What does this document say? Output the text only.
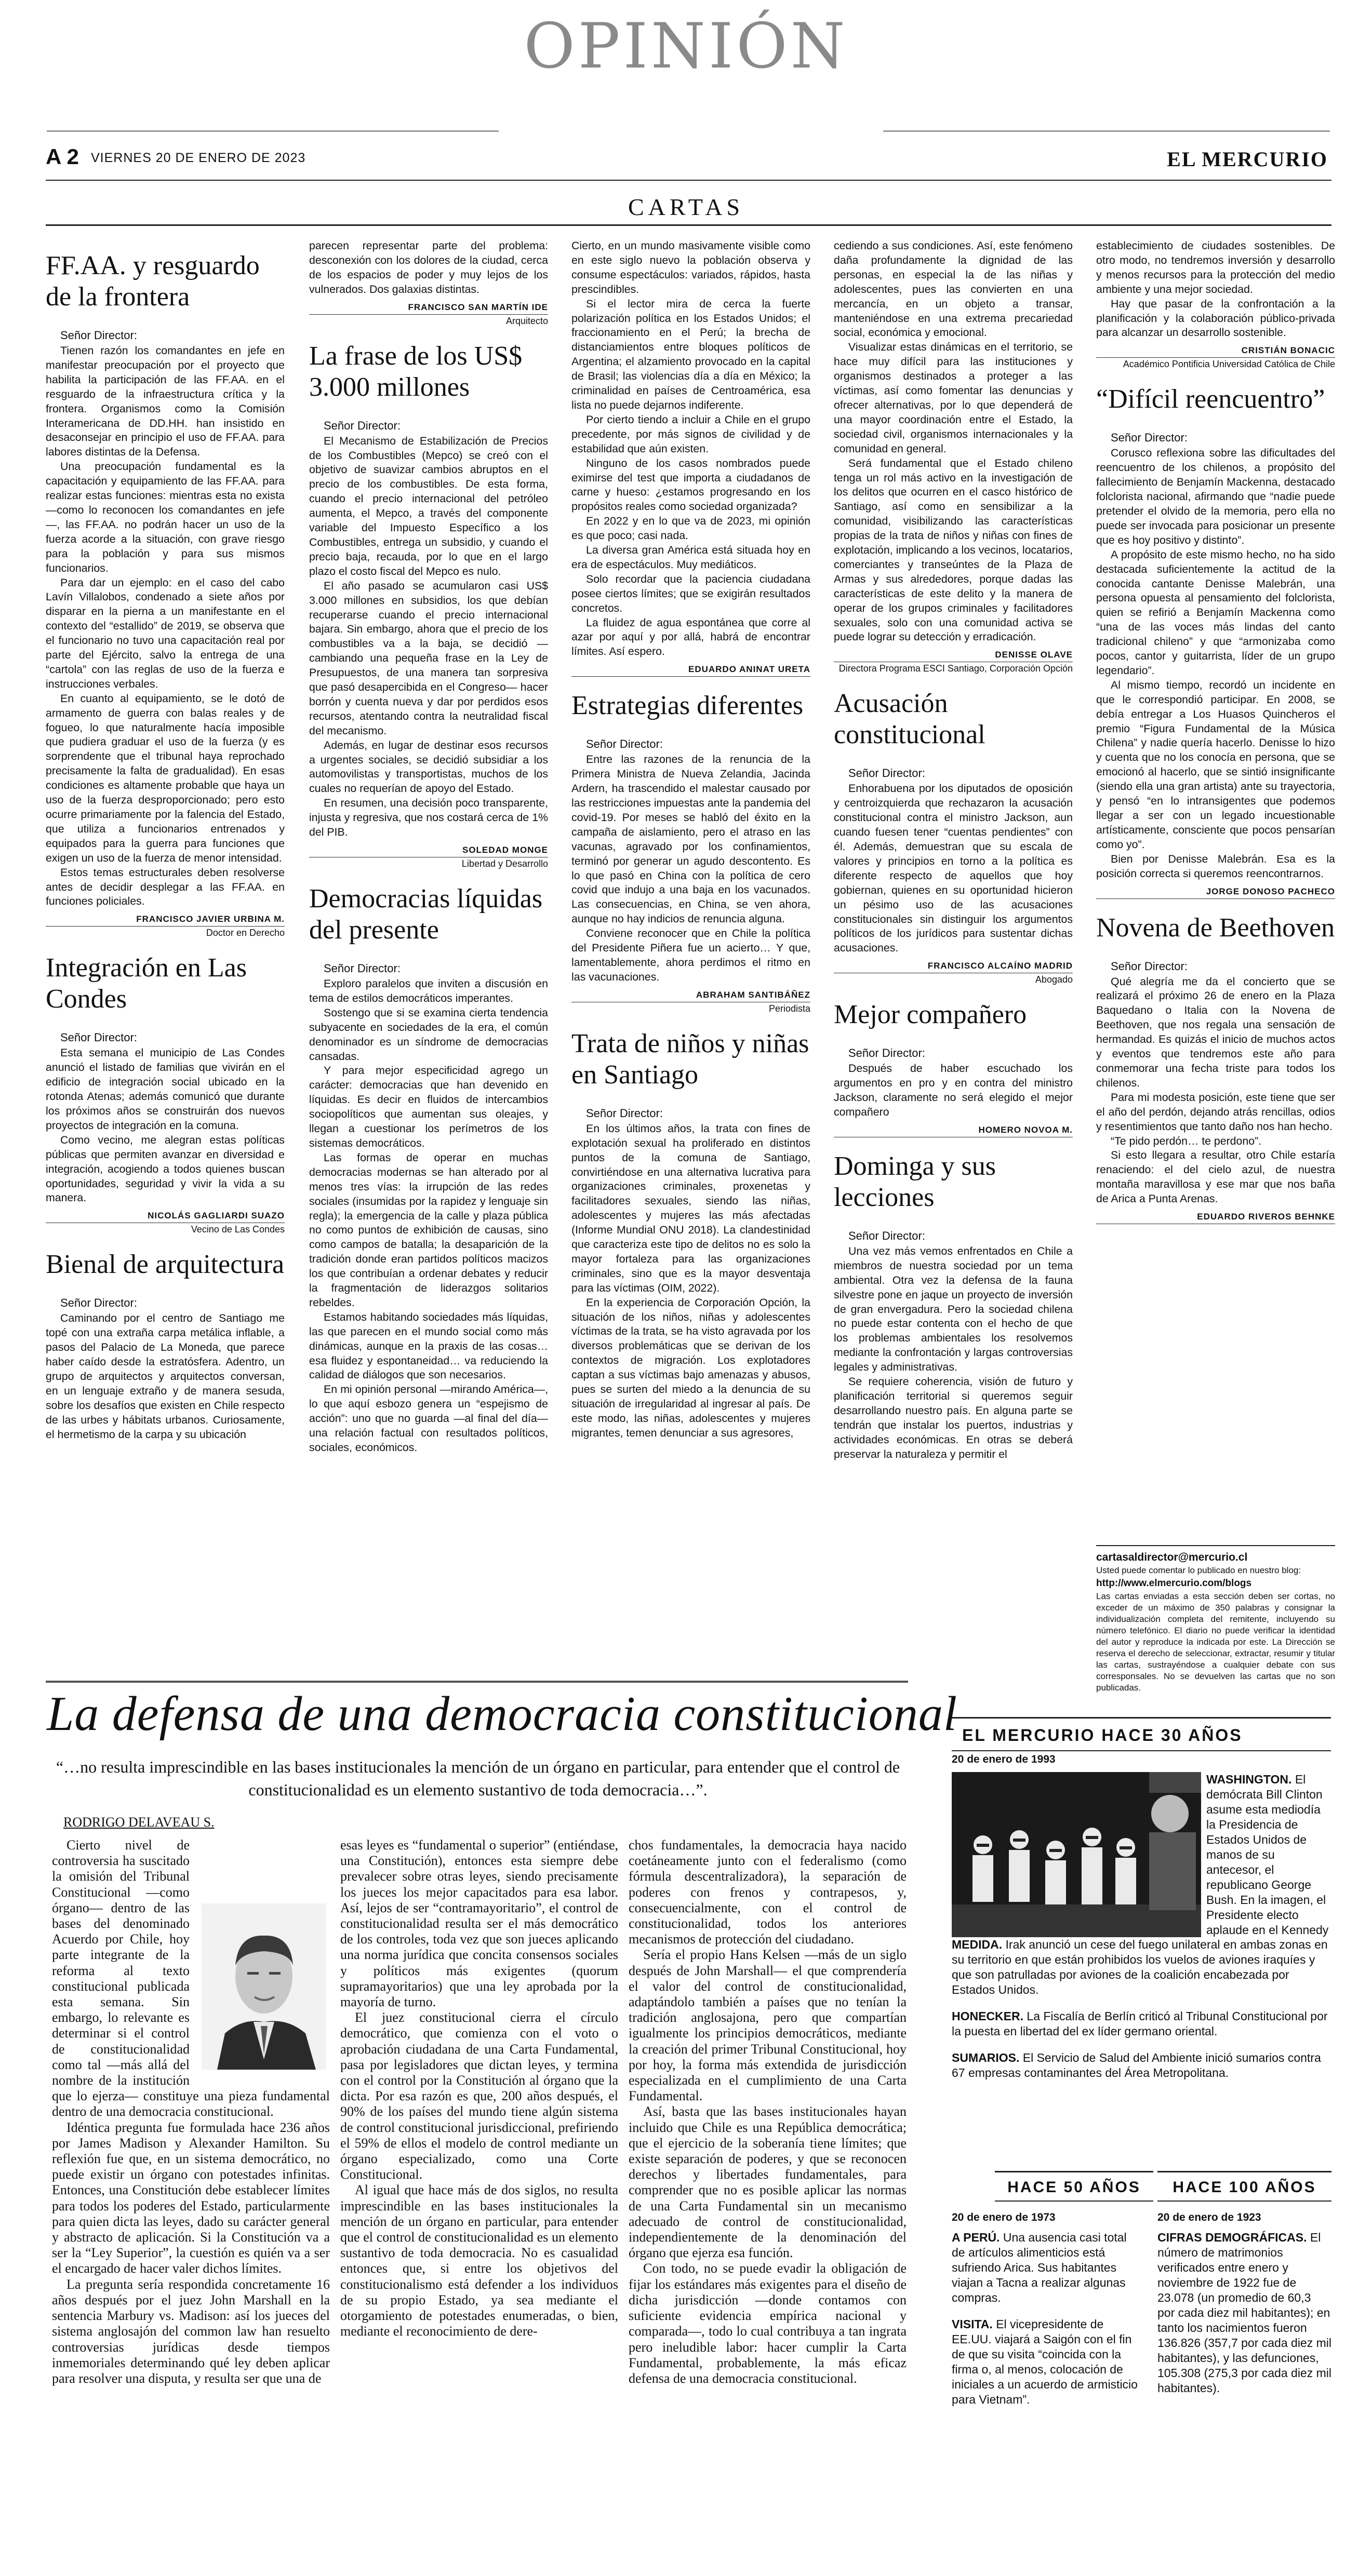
OPINIÓN
A 2 VIERNES 20 DE ENERO DE 2023	EL MERCURIO
CARTAS
FF.AA. y resguardo de la frontera
Señor Director:

Tienen razón los comandantes en jefe en manifestar preocupación por el proyecto que habilita la participación de las FF.AA. en el resguardo de la infraestructura crítica y la frontera. Organismos como la Comisión Interamericana de DD.HH. han insistido en desaconsejar en principio el uso de FF.AA. para labores distintas de la Defensa.

Una preocupación fundamental es la capacitación y equipamiento de las FF.AA. para realizar estas funciones: mientras esta no exista —como lo reconocen los comandantes en jefe—, las FF.AA. no podrán hacer un uso de la fuerza acorde a la situación, con grave riesgo para la población y para sus mismos funcionarios.

Para dar un ejemplo: en el caso del cabo Lavín Villalobos, condenado a siete años por disparar en la pierna a un manifestante en el contexto del “estallido” de 2019, se observa que el funcionario no tuvo una capacitación real por parte del Ejército, salvo la entrega de una “cartola” con las reglas de uso de la fuerza e instrucciones verbales.

En cuanto al equipamiento, se le dotó de armamento de guerra con balas reales y de fogueo, lo que naturalmente hacía imposible que pudiera graduar el uso de la fuerza (y es sorprendente que el tribunal haya reprochado precisamente la falta de gradualidad). En esas condiciones es altamente probable que haya un uso de la fuerza desproporcionado; pero esto ocurre primariamente por la falencia del Estado, que utiliza a funcionarios entrenados y equipados para la guerra para funciones que exigen un uso de la fuerza de menor intensidad.

Estos temas estructurales deben resolverse antes de decidir desplegar a las FF.AA. en funciones policiales.

FRANCISCO JAVIER URBINA M.
Doctor en Derecho
Integración en Las Condes
Señor Director:

Esta semana el municipio de Las Condes anunció el listado de familias que vivirán en el edificio de integración social ubicado en la rotonda Atenas; además comunicó que durante los próximos años se construirán dos nuevos proyectos de integración en la comuna.

Como vecino, me alegran estas políticas públicas que permiten avanzar en diversidad e integración, acogiendo a todos quienes buscan oportunidades, seguridad y vivir la vida a su manera.

NICOLÁS GAGLIARDI SUAZO
Vecino de Las Condes
Bienal de arquitectura
Señor Director:

Caminando por el centro de Santiago me topé con una extraña carpa metálica inflable, a pasos del Palacio de La Moneda, que parece haber caído desde la estratósfera. Adentro, un grupo de arquitectos y arquitectos conversan, en un lenguaje extraño y de manera sesuda, sobre los desafíos que existen en Chile respecto de las urbes y hábitats urbanos. Curiosamente, el hermetismo de la carpa y su ubicación

parecen representar parte del problema: desconexión con los dolores de la ciudad, cerca de los espacios de poder y muy lejos de los vulnerados. Dos galaxias distintas.

FRANCISCO SAN MARTÍN IDE
Arquitecto
La frase de los US$ 3.000 millones
Señor Director:

El Mecanismo de Estabilización de Precios de los Combustibles (Mepco) se creó con el objetivo de suavizar cambios abruptos en el precio de los combustibles. De esta forma, cuando el precio internacional del petróleo aumenta, el Mepco, a través del componente variable del Impuesto Específico a los Combustibles, entrega un subsidio, y cuando el precio baja, recauda, por lo que en el largo plazo el costo fiscal del Mepco es nulo.

El año pasado se acumularon casi US$ 3.000 millones en subsidios, los que debían recuperarse cuando el precio internacional bajara. Sin embargo, ahora que el precio de los combustibles va a la baja, se decidió —cambiando una pequeña frase en la Ley de Presupuestos, de una manera tan sorpresiva que pasó desapercibida en el Congreso— hacer borrón y cuenta nueva y dar por perdidos esos recursos, atentando contra la neutralidad fiscal del mecanismo.

Además, en lugar de destinar esos recursos a urgentes sociales, se decidió subsidiar a los automovilistas y transportistas, muchos de los cuales no requerían de apoyo del Estado.

En resumen, una decisión poco transparente, injusta y regresiva, que nos costará cerca de 1% del PIB.

SOLEDAD MONGE
Libertad y Desarrollo
Democracias líquidas del presente
Señor Director:

Exploro paralelos que inviten a discusión en tema de estilos democráticos imperantes.

Sostengo que si se examina cierta tendencia subyacente en sociedades de la era, el común denominador es un síndrome de democracias cansadas.

Y para mejor especificidad agrego un carácter: democracias que han devenido en líquidas. Es decir en fluidos de intercambios sociopolíticos que aumentan sus oleajes, y llegan a cuestionar los perímetros de los sistemas democráticos.

Las formas de operar en muchas democracias modernas se han alterado por al menos tres vías: la irrupción de las redes sociales (insumidas por la rapidez y lenguaje sin regla); la emergencia de la calle y plaza pública no como puntos de exhibición de causas, sino como campos de batalla; la desaparición de la tradición donde eran partidos políticos macizos los que contribuían a ordenar debates y reducir la fragmentación de liderazgos solitarios rebeldes.

Estamos habitando sociedades más líquidas, las que parecen en el mundo social como más dinámicas, aunque en la praxis de las cosas… esa fluidez y espontaneidad… va reduciendo la calidad de diálogos que son necesarios.

En mi opinión personal —mirando América—, lo que aquí esbozo genera un “espejismo de acción”: uno que no guarda —al final del día— una relación factual con resultados políticos, sociales, económicos.

Cierto, en un mundo masivamente visible como en este siglo nuevo la población observa y consume espectáculos: variados, rápidos, hasta prescindibles.

Si el lector mira de cerca la fuerte polarización política en los Estados Unidos; el fraccionamiento en el Perú; la brecha de distanciamientos entre bloques políticos de Argentina; el alzamiento provocado en la capital de Brasil; las violencias día a día en México; la criminalidad en países de Centroamérica, esa lista no puede dejarnos indiferente.

Por cierto tiendo a incluir a Chile en el grupo precedente, por más signos de civilidad y de estabilidad que aún existen.

Ninguno de los casos nombrados puede eximirse del test que importa a ciudadanos de carne y hueso: ¿estamos progresando en los propósitos reales como sociedad organizada?

En 2022 y en lo que va de 2023, mi opinión es que poco; casi nada.

La diversa gran América está situada hoy en era de espectáculos. Muy mediáticos.

Solo recordar que la paciencia ciudadana posee ciertos límites; que se exigirán resultados concretos.

La fluidez de agua espontánea que corre al azar por aquí y por allá, habrá de encontrar límites. Así espero.

EDUARDO ANINAT URETA
Estrategias diferentes
Señor Director:

Entre las razones de la renuncia de la Primera Ministra de Nueva Zelandia, Jacinda Ardern, ha trascendido el malestar causado por las restricciones impuestas ante la pandemia del covid-19. Por meses se habló del éxito en la campaña de aislamiento, pero el atraso en las vacunas, agravado por los confinamientos, terminó por generar un agudo descontento. Es lo que pasó en China con la política de cero covid que indujo a una baja en los vacunados. Las consecuencias, en China, se ven ahora, aunque no hay indicios de renuncia alguna.

Conviene reconocer que en Chile la política del Presidente Piñera fue un acierto… Y que, lamentablemente, ahora perdimos el ritmo en las vacunaciones.

ABRAHAM SANTIBÁÑEZ
Periodista
Trata de niños y niñas en Santiago
Señor Director:

En los últimos años, la trata con fines de explotación sexual ha proliferado en distintos puntos de la comuna de Santiago, convirtiéndose en una alternativa lucrativa para organizaciones criminales, proxenetas y facilitadores sexuales, siendo las niñas, adolescentes y mujeres las más afectadas (Informe Mundial ONU 2018). La clandestinidad que caracteriza este tipo de delitos no es solo la mayor fortaleza para las organizaciones criminales, sino que es la mayor desventaja para las víctimas (OIM, 2022).

En la experiencia de Corporación Opción, la situación de los niños, niñas y adolescentes víctimas de la trata, se ha visto agravada por los diversos problemáticas que se derivan de los contextos de migración. Los explotadores captan a sus víctimas bajo amenazas y abusos, pues se surten del miedo a la denuncia de su situación de irregularidad al ingresar al país. De este modo, las niñas, adolescentes y mujeres migrantes, temen denunciar a sus agresores,

cediendo a sus condiciones. Así, este fenómeno daña profundamente la dignidad de las personas, en especial la de las niñas y adolescentes, pues las convierten en una mercancía, en un objeto a transar, manteniéndose en una extrema precariedad social, económica y emocional.

Visualizar estas dinámicas en el territorio, se hace muy difícil para las instituciones y organismos destinados a proteger a las víctimas, así como fomentar las denuncias y ofrecer alternativas, por lo que dependerá de una mayor coordinación entre el Estado, la sociedad civil, organismos internacionales y la comunidad en general.

Será fundamental que el Estado chileno tenga un rol más activo en la investigación de los delitos que ocurren en el casco histórico de Santiago, así como en sensibilizar a la comunidad, visibilizando las características propias de la trata de niños y niñas con fines de explotación, implicando a los vecinos, locatarios, comerciantes y transeúntes de la Plaza de Armas y sus alrededores, porque dadas las características de este delito y la manera de operar de los grupos criminales y facilitadores sexuales, solo con una comunidad activa se puede lograr su detección y erradicación.

DENISSE OLAVE
Directora Programa ESCI Santiago, Corporación Opción
Acusación constitucional
Señor Director:

Enhorabuena por los diputados de oposición y centroizquierda que rechazaron la acusación constitucional contra el ministro Jackson, aun cuando fuesen tener “cuentas pendientes” con él. Además, demuestran que su escala de valores y principios en torno a la política es diferente respecto de aquellos que hoy gobiernan, quienes en su oportunidad hicieron un pésimo uso de las acusaciones constitucionales sin distinguir los argumentos políticos de los jurídicos para sustentar dichas acusaciones.

FRANCISCO ALCAÍNO MADRID
Abogado
Mejor compañero
Señor Director:

Después de haber escuchado los argumentos en pro y en contra del ministro Jackson, claramente no será elegido el mejor compañero

HOMERO NOVOA M.
Dominga y sus lecciones
Señor Director:

Una vez más vemos enfrentados en Chile a miembros de nuestra sociedad por un tema ambiental. Otra vez la defensa de la fauna silvestre pone en jaque un proyecto de inversión de gran envergadura. Pero la sociedad chilena no puede estar contenta con el hecho de que los problemas ambientales los resolvemos mediante la confrontación y largas controversias legales y administrativas.

Se requiere coherencia, visión de futuro y planificación territorial si queremos seguir desarrollando nuestro país. En alguna parte se tendrán que instalar los puertos, industrias y actividades económicas. En otras se deberá preservar la naturaleza y permitir el

establecimiento de ciudades sostenibles. De otro modo, no tendremos inversión y desarrollo y menos recursos para la protección del medio ambiente y una mejor sociedad.

Hay que pasar de la confrontación a la planificación y la colaboración público-privada para alcanzar un desarrollo sostenible.

CRISTIÁN BONACIC
Académico Pontificia Universidad Católica de Chile
“Difícil reencuentro”
Señor Director:

Corusco reflexiona sobre las dificultades del reencuentro de los chilenos, a propósito del fallecimiento de Benjamín Mackenna, destacado folclorista nacional, afirmando que “nadie puede pretender el olvido de la memoria, pero ella no puede ser invocada para posicionar un presente que es hoy positivo y distinto”.

A propósito de este mismo hecho, no ha sido destacada suficientemente la actitud de la conocida cantante Denisse Malebrán, una persona opuesta al pensamiento del folclorista, quien se refirió a Benjamín Mackenna como “una de las voces más lindas del canto tradicional chileno” y que “armonizaba como pocos, cantor y guitarrista, líder de un grupo legendario”.

Al mismo tiempo, recordó un incidente en que le correspondió participar. En 2008, se debía entregar a Los Huasos Quincheros el premio “Figura Fundamental de la Música Chilena” y nadie quería hacerlo. Denisse lo hizo y cuenta que no los conocía en persona, que se emocionó al hacerlo, que se sintió insignificante (siendo ella una gran artista) ante su trayectoria, y pensó “en lo intransigentes que podemos llegar a ser con un legado incuestionable artísticamente, consciente que pocos pensarían como yo”.

Bien por Denisse Malebrán. Esa es la posición correcta si queremos reencontrarnos.

JORGE DONOSO PACHECO
Novena de Beethoven
Señor Director:

Qué alegría me da el concierto que se realizará el próximo 26 de enero en la Plaza Baquedano o Italia con la Novena de Beethoven, que nos regala una sensación de hermandad. Es quizás el inicio de muchos actos y eventos que tendremos este año para conmemorar una fecha triste para todos los chilenos.

Para mi modesta posición, este tiene que ser el año del perdón, dejando atrás rencillas, odios y resentimientos que tanto daño nos han hecho.

“Te pido perdón… te perdono”.

Si esto llegara a resultar, otro Chile estaría renaciendo: el del cielo azul, de nuestra montaña maravillosa y ese mar que nos baña de Arica a Punta Arenas.

EDUARDO RIVEROS BEHNKE
cartasaldirector@mercurio.cl
Usted puede comentar lo publicado en nuestro blog:
http://www.elmercurio.com/blogs
Las cartas enviadas a esta sección deben ser cortas, no exceder de un máximo de 350 palabras y consignar la individualización completa del remitente, incluyendo su número telefónico. El diario no puede verificar la identidad del autor y reproduce la indicada por este. La Dirección se reserva el derecho de seleccionar, extractar, resumir y titular las cartas, sustrayéndose a cualquier debate con sus corresponsales. No se devuelven las cartas que no son publicadas.
La defensa de una democracia constitucional
“…no resulta imprescindible en las bases institucionales la mención de un órgano en particular, para entender que el control de constitucionalidad es un elemento sustantivo de toda democracia…”.
RODRIGO DELAVEAU S.

Cierto nivel de controversia ha suscitado la omisión del Tribunal Constitucional —como órgano— dentro de las bases del denominado Acuerdo por Chile, hoy parte integrante de la reforma al texto constitucional publicada esta semana. Sin embargo, lo relevante es determinar si el control de constitucionalidad como tal —más allá del nombre de la institución que lo ejerza— constituye una pieza fundamental dentro de una democracia constitucional.

Idéntica pregunta fue formulada hace 236 años por James Madison y Alexander Hamilton. Su reflexión fue que, en un sistema democrático, no puede existir un órgano con potestades infinitas. Entonces, una Constitución debe establecer límites para todos los poderes del Estado, particularmente para quien dicta las leyes, dado su carácter general y abstracto de aplicación. Si la Constitución va a ser la “Ley Superior”, la cuestión es quién va a ser el encargado de hacer valer dichos límites.

La pregunta sería respondida concretamente 16 años después por el juez John Marshall en la sentencia Marbury vs. Madison: así los jueces del sistema anglosajón del common law han resuelto controversias jurídicas desde tiempos inmemoriales determinando qué ley deben aplicar para resolver una disputa, y resulta ser que una de

esas leyes es “fundamental o superior” (entiéndase, una Constitución), entonces esta siempre debe prevalecer sobre otras leyes, siendo precisamente los jueces los mejor capacitados para esa labor. Así, lejos de ser “contramayoritario”, el control de constitucionalidad resulta ser el más democrático de los controles, toda vez que son jueces aplicando una norma jurídica que concita consensos sociales y políticos más exigentes (quorum supramayoritarios) que una ley aprobada por la mayoría de turno.

El juez constitucional cierra el círculo democrático, que comienza con el voto o aprobación ciudadana de una Carta Fundamental, pasa por legisladores que dictan leyes, y termina con el control por la Constitución al órgano que la dicta. Por esa razón es que, 200 años después, el 90% de los países del mundo tiene algún sistema de control constitucional jurisdiccional, prefiriendo el 59% de ellos el modelo de control mediante un órgano especializado, como una Corte Constitucional.

Al igual que hace más de dos siglos, no resulta imprescindible en las bases institucionales la mención de un órgano en particular, para entender que el control de constitucionalidad es un elemento sustantivo de toda democracia. No es casualidad entonces que, si entre los objetivos del constitucionalismo está defender a los individuos de su propio Estado, ya sea mediante el otorgamiento de potestades enumeradas, o bien, mediante el reconocimiento de dere-

chos fundamentales, la democracia haya nacido coetáneamente junto con el federalismo (como fórmula descentralizadora), la separación de poderes con frenos y contrapesos, y, consecuencialmente, con el control de constitucionalidad, todos los anteriores mecanismos de protección del ciudadano.

Sería el propio Hans Kelsen —más de un siglo después de John Marshall— el que comprendería el valor del control de constitucionalidad, adaptándolo también a países que no tenían la tradición anglosajona, pero que compartían igualmente los principios democráticos, mediante la creación del primer Tribunal Constitucional, hoy por hoy, la forma más extendida de jurisdicción especializada en el cumplimiento de una Carta Fundamental.

Así, basta que las bases institucionales hayan incluido que Chile es una República democrática; que el ejercicio de la soberanía tiene límites; que existe separación de poderes, y que se reconocen derechos y libertades fundamentales, para comprender que no es posible aplicar las normas de una Carta Fundamental sin un mecanismo adecuado de control de constitucionalidad, independientemente de la denominación del órgano que ejerza esa función.

Con todo, no se puede evadir la obligación de fijar los estándares más exigentes para el diseño de dicha jurisdicción —donde contamos con suficiente evidencia empírica nacional y comparada—, todo lo cual contribuya a tan ingrata pero ineludible labor: hacer cumplir la Carta Fundamental, probablemente, la más eficaz defensa de una democracia constitucional.

EL MERCURIO HACE 30 AÑOS
20 de enero de 1993

WASHINGTON. El demócrata Bill Clinton asume esta mediodía la Presidencia de Estados Unidos de manos de su antecesor, el republicano George Bush. En la imagen, el Presidente electo aplaude en el Kennedy

MEDIDA. Irak anunció un cese del fuego unilateral en ambas zonas en su territorio en que están prohibidos los vuelos de aviones iraquíes y que son patrulladas por aviones de la coalición encabezada por Estados Unidos.

HONECKER. La Fiscalía de Berlín criticó al Tribunal Constitucional por la puesta en libertad del ex líder germano oriental.

SUMARIOS. El Servicio de Salud del Ambiente inició sumarios contra 67 empresas contaminantes del Área Metropolitana.

HACE 50 AÑOS
20 de enero de 1973

A PERÚ. Una ausencia casi total de artículos alimenticios está sufriendo Arica. Sus habitantes viajan a Tacna a realizar algunas compras.

VISITA. El vicepresidente de EE.UU. viajará a Saigón con el fin de que su visita “coincida con la firma o, al menos, colocación de iniciales a un acuerdo de armisticio para Vietnam”.

HACE 100 AÑOS
20 de enero de 1923

CIFRAS DEMOGRÁFICAS. El número de matrimonios verificados entre enero y noviembre de 1922 fue de 23.078 (un promedio de 60,3 por cada diez mil habitantes); en tanto los nacimientos fueron 136.826 (357,7 por cada diez mil habitantes), y las defunciones, 105.308 (275,3 por cada diez mil habitantes).
